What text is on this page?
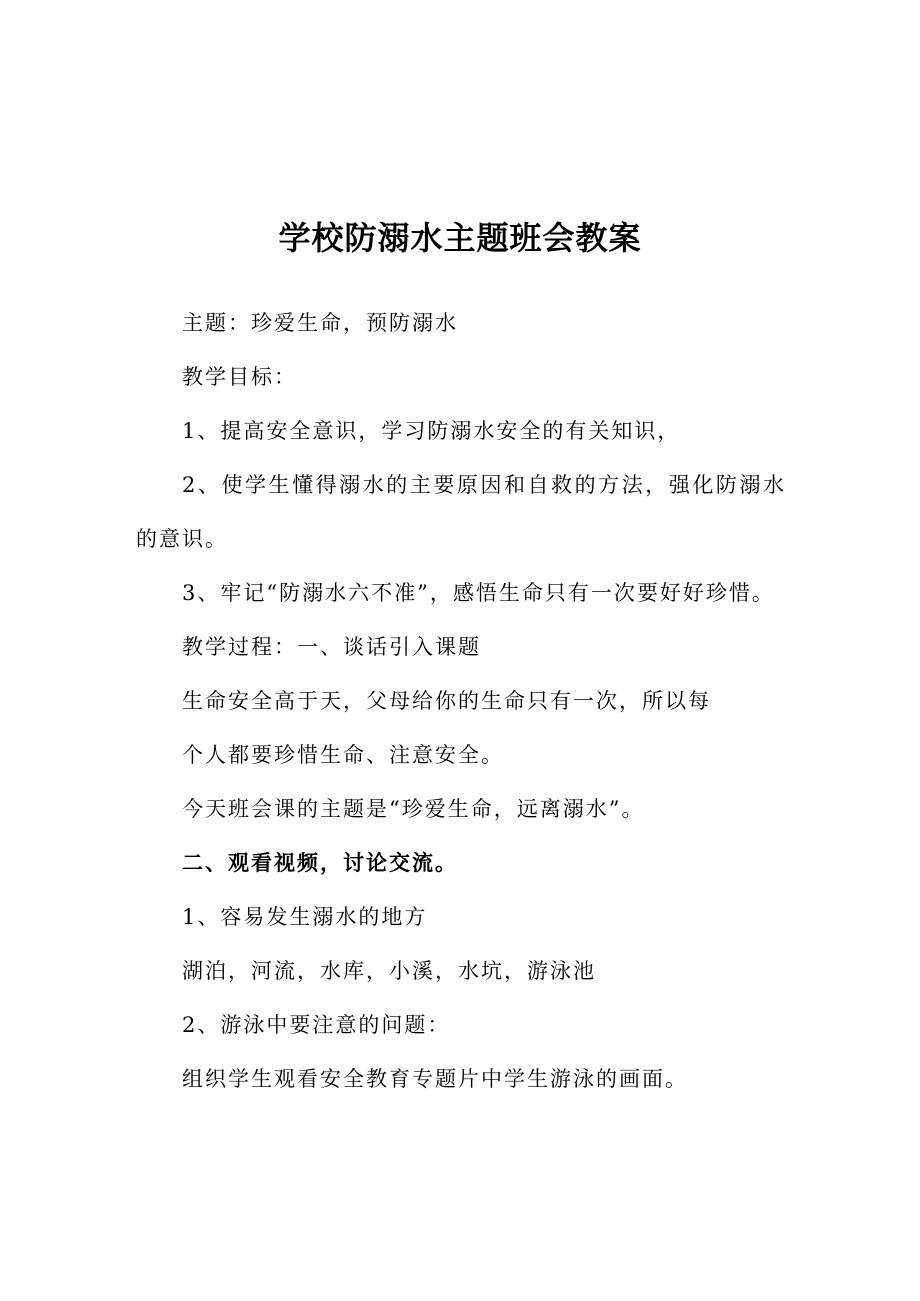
学校防溺水主题班会教案

主题：珍爱生命，预防溺水

教学目标：

1、提高安全意识，学习防溺水安全的有关知识，

2、使学生懂得溺水的主要原因和自救的方法，强化防溺水的意识。

3、牢记“防溺水六不准”，感悟生命只有一次要好好珍惜。

教学过程：一、谈话引入课题

生命安全高于天，父母给你的生命只有一次，所以每

个人都要珍惜生命、注意安全。

今天班会课的主题是“珍爱生命，远离溺水”。

二、观看视频，讨论交流。

1、容易发生溺水的地方

湖泊，河流，水库，小溪，水坑，游泳池

2、游泳中要注意的问题：

组织学生观看安全教育专题片中学生游泳的画面。
